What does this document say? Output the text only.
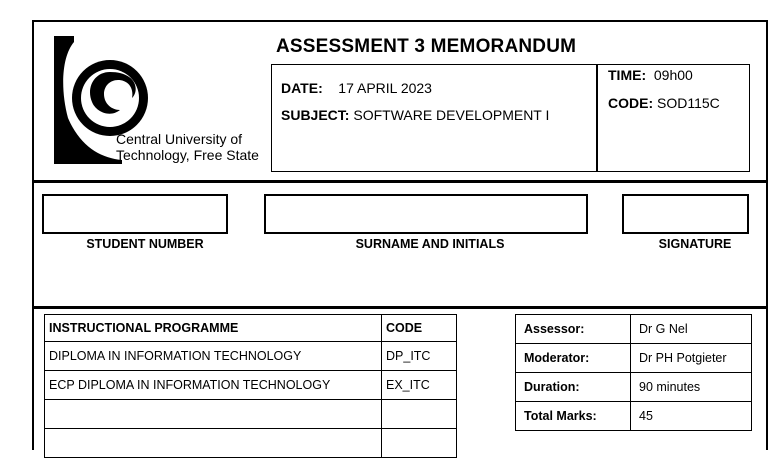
Central University of
Technology, Free State
ASSESSMENT 3 MEMORANDUM
DATE: 17 APRIL 2023
SUBJECT: SOFTWARE DEVELOPMENT I
TIME: 09h00
CODE: SOD115C
STUDENT NUMBER	SURNAME AND INITIALS	SIGNATURE
INSTRUCTIONAL PROGRAMME	CODE
DIPLOMA IN INFORMATION TECHNOLOGY	DP_ITC
ECP DIPLOMA IN INFORMATION TECHNOLOGY	EX_ITC

Assessor:	Dr G Nel
Moderator:	Dr PH Potgieter
Duration:	90 minutes
Total Marks:	45
